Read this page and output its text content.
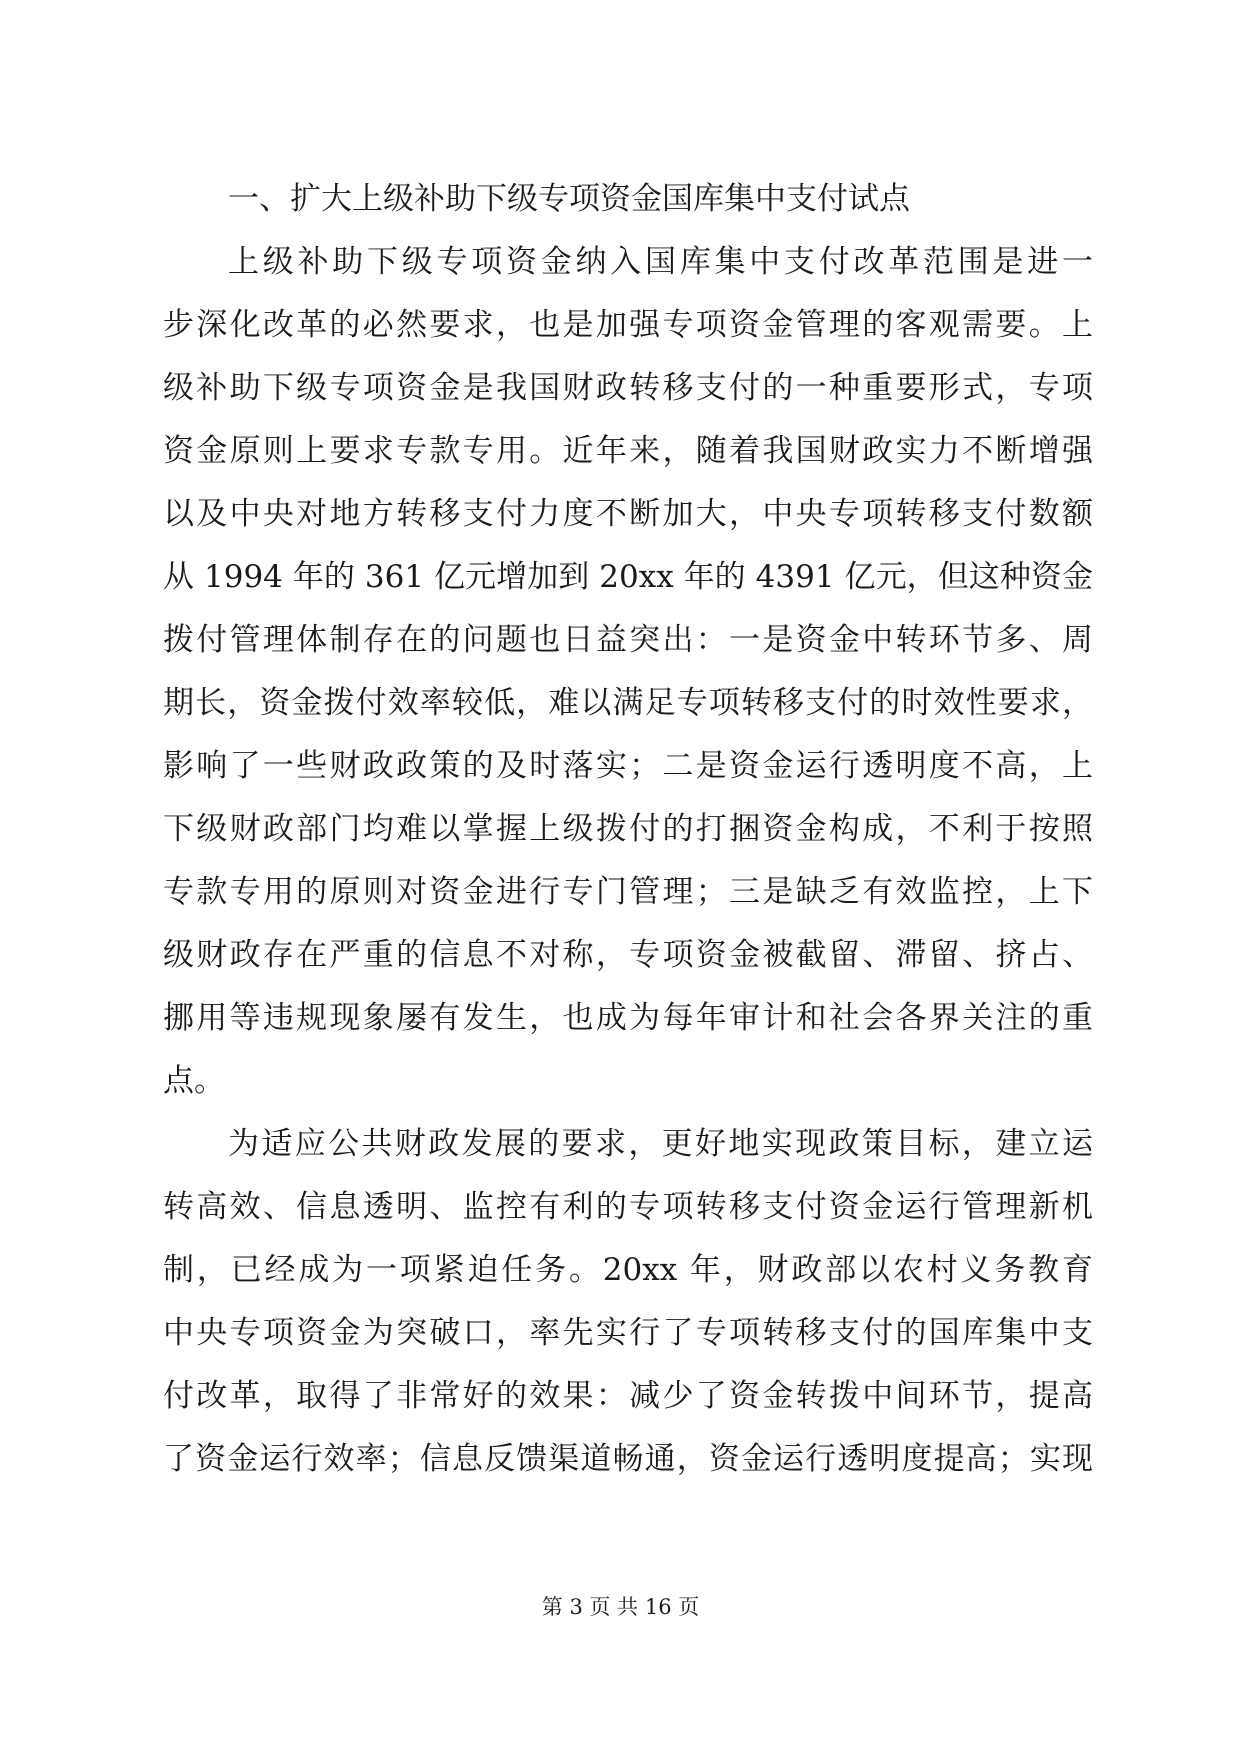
一、扩大上级补助下级专项资金国库集中支付试点
上级补助下级专项资金纳入国库集中支付改革范围是进一
步深化改革的必然要求，也是加强专项资金管理的客观需要。上
级补助下级专项资金是我国财政转移支付的一种重要形式，专项
资金原则上要求专款专用。近年来，随着我国财政实力不断增强
以及中央对地方转移支付力度不断加大，中央专项转移支付数额
从 1994 年的 361 亿元增加到 20xx 年的 4391 亿元，但这种资金
拨付管理体制存在的问题也日益突出：一是资金中转环节多、周
期长，资金拨付效率较低，难以满足专项转移支付的时效性要求，
影响了一些财政政策的及时落实；二是资金运行透明度不高，上
下级财政部门均难以掌握上级拨付的打捆资金构成，不利于按照
专款专用的原则对资金进行专门管理；三是缺乏有效监控，上下
级财政存在严重的信息不对称，专项资金被截留、滞留、挤占、
挪用等违规现象屡有发生，也成为每年审计和社会各界关注的重
点。
为适应公共财政发展的要求，更好地实现政策目标，建立运
转高效、信息透明、监控有利的专项转移支付资金运行管理新机
制，已经成为一项紧迫任务。20xx 年，财政部以农村义务教育
中央专项资金为突破口，率先实行了专项转移支付的国库集中支
付改革，取得了非常好的效果：减少了资金转拨中间环节，提高
了资金运行效率；信息反馈渠道畅通，资金运行透明度提高；实现
第 3 页 共 16 页
